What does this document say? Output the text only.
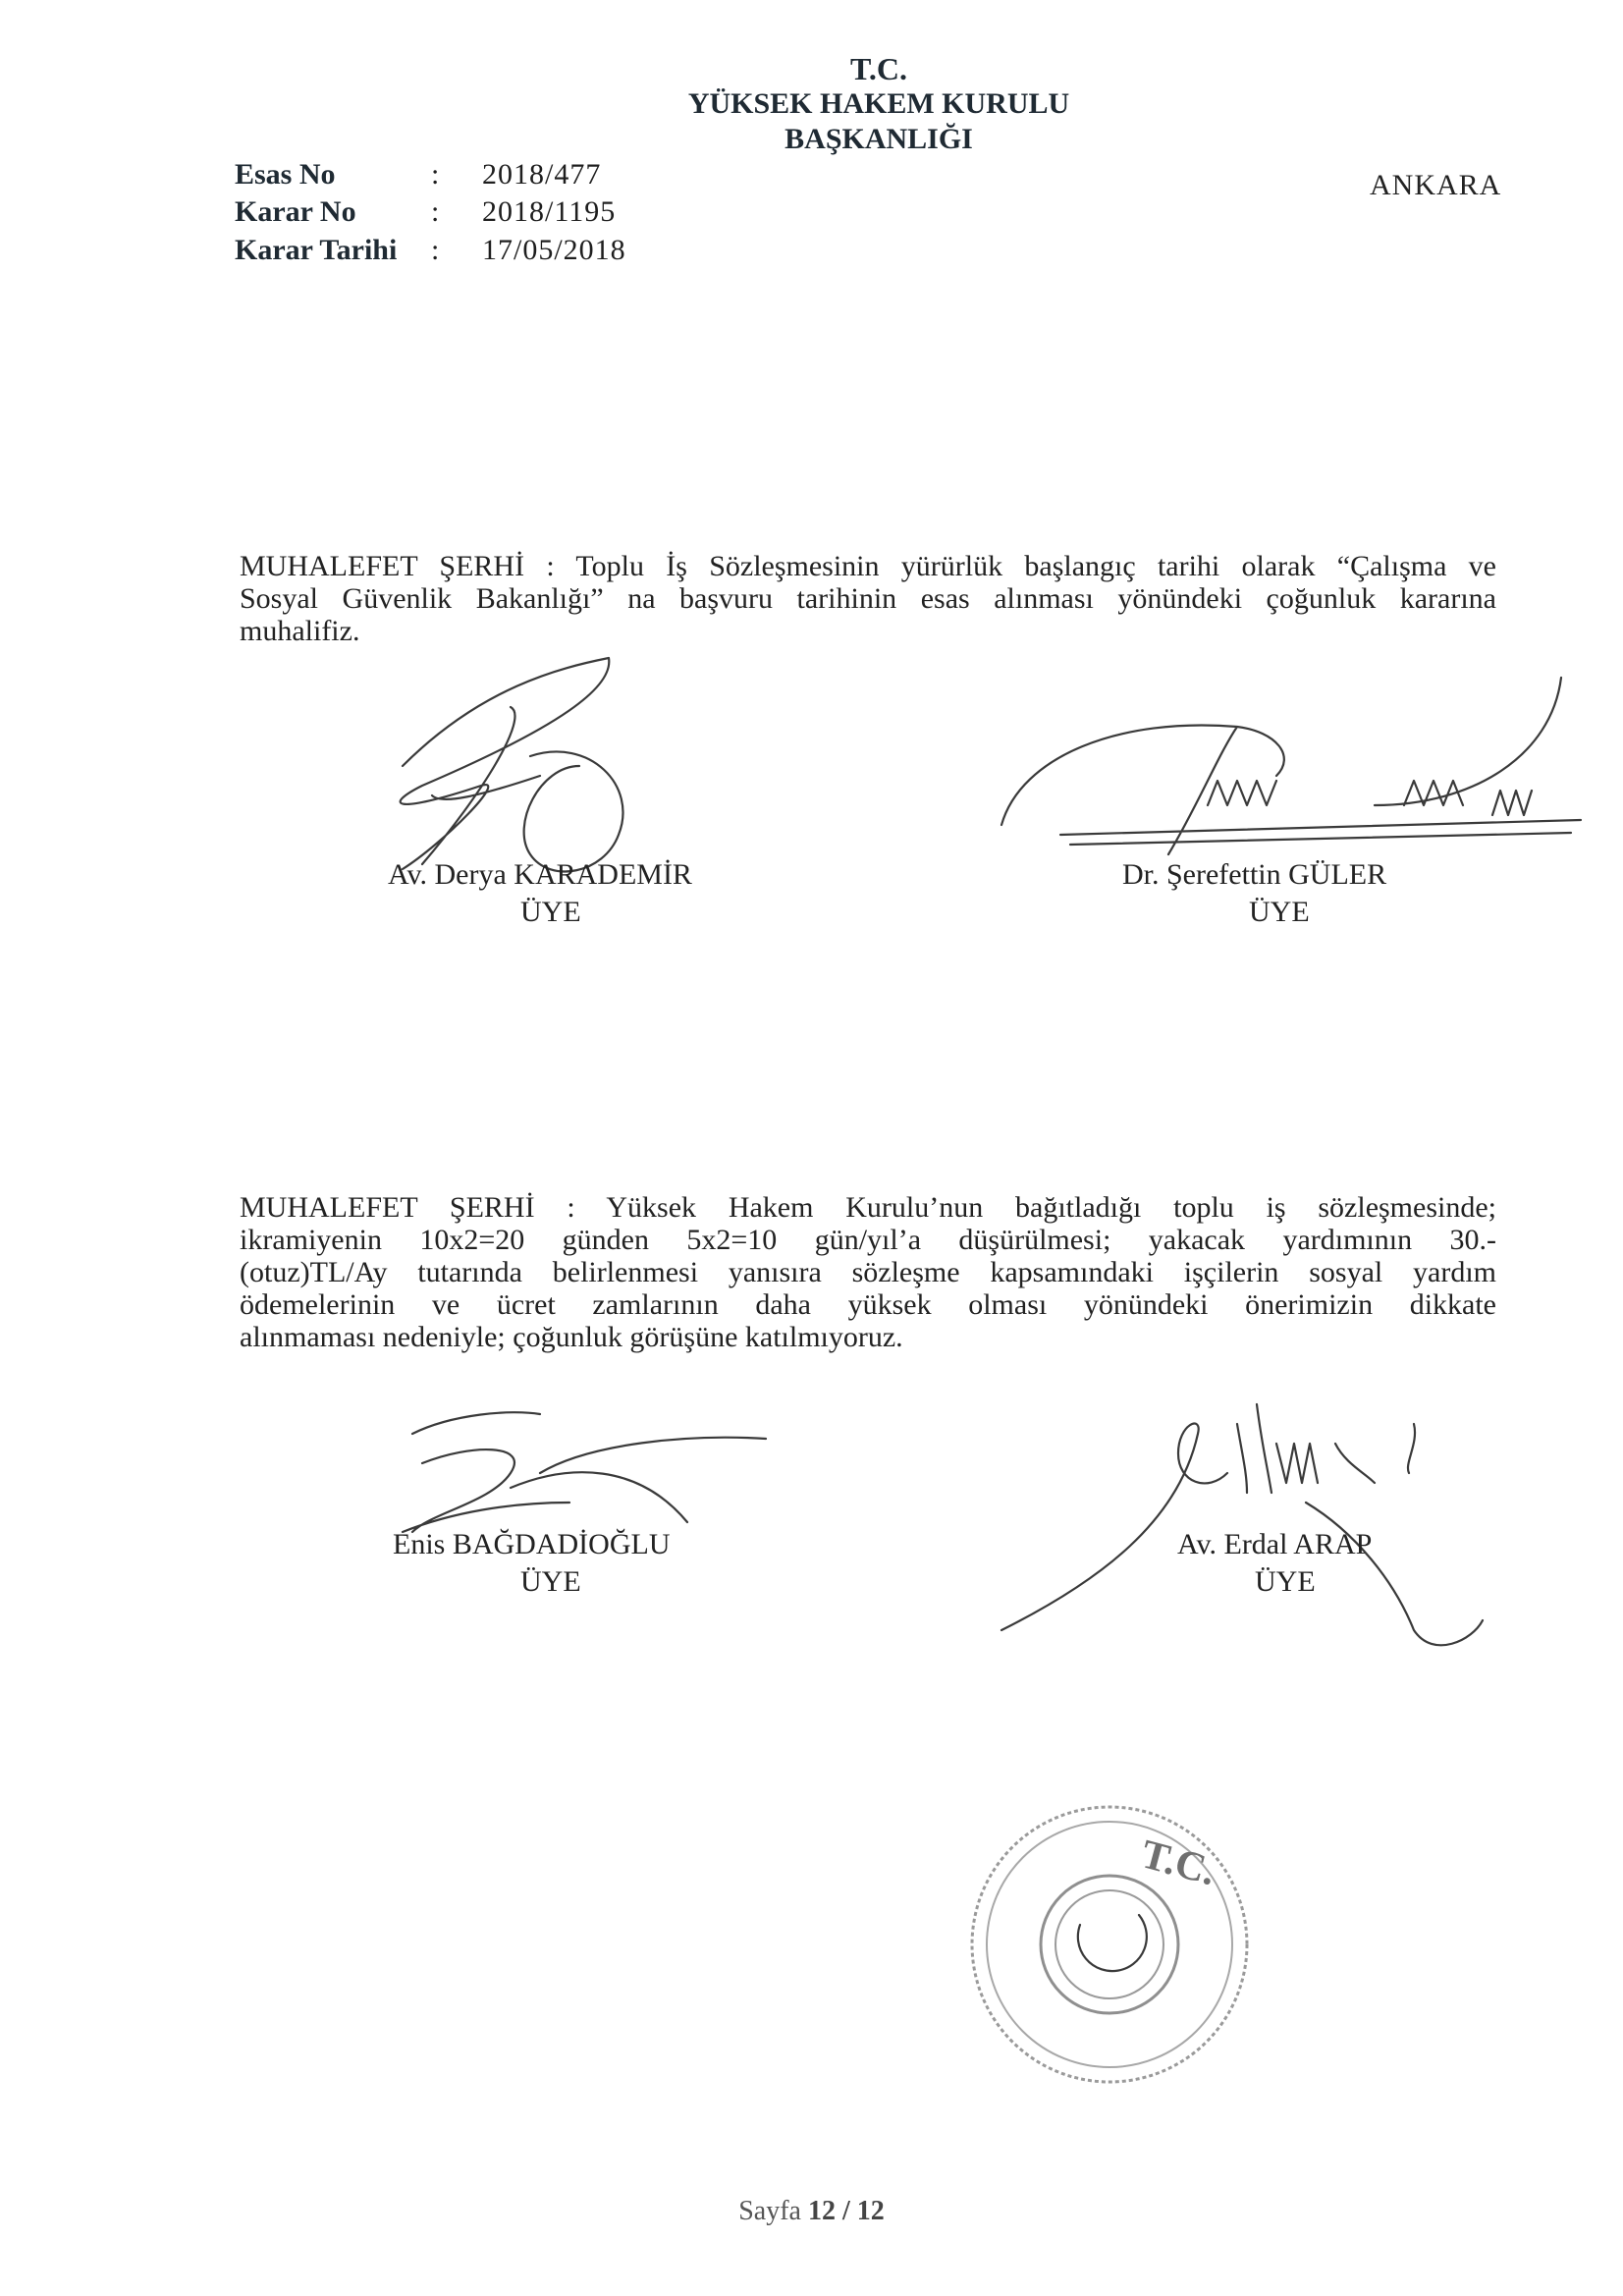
T.C.
YÜKSEK HAKEM KURULU
BAŞKANLIĞI
ANKARA
Esas No	: 2018/477
Karar No	: 2018/1195
Karar Tarihi : 17/05/2018
MUHALEFET ŞERHİ : Toplu İş Sözleşmesinin yürürlük başlangıç tarihi olarak “Çalışma ve
Sosyal Güvenlik Bakanlığı” na başvuru tarihinin esas alınması yönündeki çoğunluk kararına
muhalifiz.
Av. Derya KARADEMİR
ÜYE
Dr. Şerefettin GÜLER
ÜYE
MUHALEFET ŞERHİ : Yüksek Hakem Kurulu’nun bağıtladığı toplu iş sözleşmesinde;
ikramiyenin 10x2=20 günden 5x2=10 gün/yıl’a düşürülmesi; yakacak yardımının 30.-
(otuz)TL/Ay tutarında belirlenmesi yanısıra sözleşme kapsamındaki işçilerin sosyal yardım
ödemelerinin ve ücret zamlarının daha yüksek olması yönündeki önerimizin dikkate
alınmaması nedeniyle; çoğunluk görüşüne katılmıyoruz.
Enis BAĞDADİOĞLU
ÜYE
Av. Erdal ARAP
ÜYE
T.C.
Sayfa 12 / 12
